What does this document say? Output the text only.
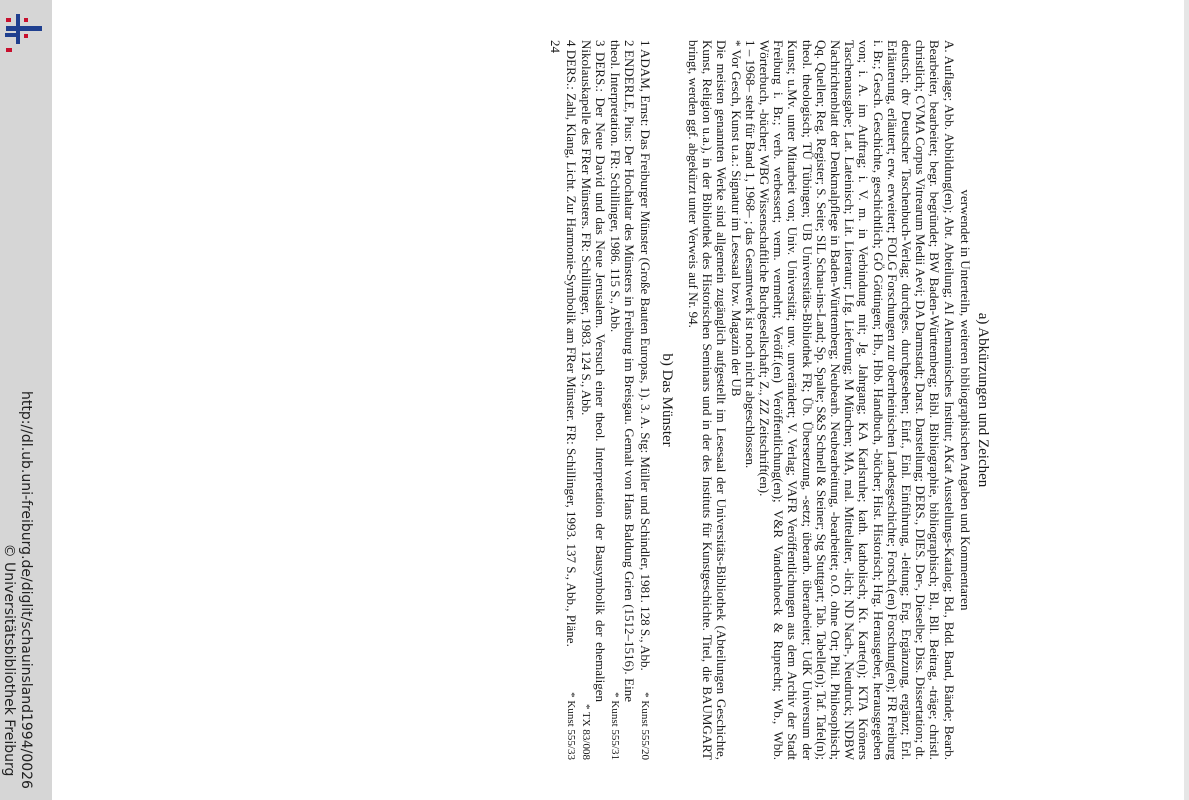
http://dl.ub.uni-freiburg.de/diglit/schauinsland1994/0026
© Universitätsbibliothek Freiburg

a) Abkürzungen und Zeichen

verwendet in Unterteiln, weiteren bibliographischen Angaben und Kommentaren

A. Auflage; Abb. Abbildung(en); Abt. Abteilung; AI Alemannisches Institut; AKat Ausstellungs-Katalog; Bd., Bdd. Band, Bände; Bearb. Bearbeiter, bearbeitet; begr. begründet; BW Baden-Württemberg; Bibl. Bibliographie, bibliographisch; Bl., Bll. Beitrag, -träge; christl. christlich; CVMA Corpus Vitrearum Medii Aevi; DA Darmstadt; Darst. Darstellung; DERS., DIES. Der-, Dieselbe; Diss. Dissertation; dt. deutsch; dtv Deutscher Taschenbuch-Verlag; durchges. durchgesehen; Einf., Einl. Einführung, -leitung; Erg. Ergänzung, ergänzt; Erl. Erläuterung, erläutert; erw. erweitert; FOLG Forschungen zur oberrheinischen Landesgeschichte; Forsch.(en) Forschung(en); FR Freiburg i. Br.; Gesch. Geschichte, geschichtlich; GÖ Göttingen; Hb., Hbb. Handbuch, -bücher; Hist. Historisch; Hrg. Herausgeber, herausgegeben von; i. A. im Auftrag; i. V. m. in Verbindung mit; Jg. Jahrgang; KA Karlsruhe; kath. katholisch; Kt. Karte(n); KTA Kröners Taschenausgabe; Lat. Lateinisch; Lit. Literatur; Lfg. Lieferung; M München; MA, mal. Mittelalter, -lich; ND Nach-, Neudruck; NDBW Nachrichtenblatt der Denkmalpflege in Baden-Württemberg; Neubearb. Neubearbeitung, -bearbeitet; o.O. ohne Ort; Phil. Philosophisch; Qq. Quellen; Reg. Register; S. Seite; SIL Schau-ins-Land; Sp. Spalte; S&S Schnell & Steiner; Stg Stuttgart; Tab. Tabelle(n); Taf. Tafel(n); theol. theologisch; TÜ Tübingen; UB Universitäts-Bibliothek FR; Üb. Übersetzung, -setzt; überarb. überarbeitet; UdK Universum der Kunst; u.Mv. unter Mitarbeit von; Univ. Universität; unv. unverändert; V. Verlag; VAFR Veröffentlichungen aus dem Archiv der Stadt Freiburg i. Br.; verb. verbessert; verm. vermehrt; Veröff.(en) Veröffentlichung(en); V&R Vandenhoeck & Ruprecht; Wb., Wbb. Wörterbuch, -bücher; WBG Wissenschaftliche Buchgesellschaft; Z., ZZ Zeitschrift(en).

1 – 1968– steht für Band 1, 1968– ; das Gesamtwerk ist noch nicht abgeschlossen.

* Vor Gesch, Kunst u.a.: Signatur im Lesesaal bzw. Magazin der UB

Die meisten genannten Werke sind allgemein zugänglich aufgestellt im Lesesaal der Universitäts-Bibliothek (Abteilungen Geschichte, Kunst, Religion u.a.), in der Bibliothek des Historischen Seminars und in der des Instituts für Kunstgeschichte. Titel, die BAUMGART bringt, werden ggf. abgekürzt unter Verweis auf Nr. 94.

b) Das Münster

1 ADAM, Ernst: Das Freiburger Münster (Große Bauten Europas, 1). 3. A. Stg: Müller und Schindler, 1981. 128 S., Abb.
* Kunst 555/20
2 ENDERLE, Pius: Der Hochaltar des Münsters in Freiburg im Breisgau. Gemalt von Hans Baldung Grien (1512–1516). Eine theol. Interpretation. FR: Schillinger, 1986. 115 S., Abb.
* Kunst 555/31
3 DERS.: Der Neue David und das Neue Jerusalem. Versuch einer theol. Interpretation der Bausymbolik der ehemaligen Nikolauskapelle des FRer Münsters. FR: Schillinger, 1983. 124 S., Abb.
* TX 83/008
4 DERS.: Zahl, Klang, Licht. Zur Harmonie-Symbolik am FRer Münster. FR: Schillinger, 1993. 137 S., Abb., Pläne.
* Kunst 555/33

24
